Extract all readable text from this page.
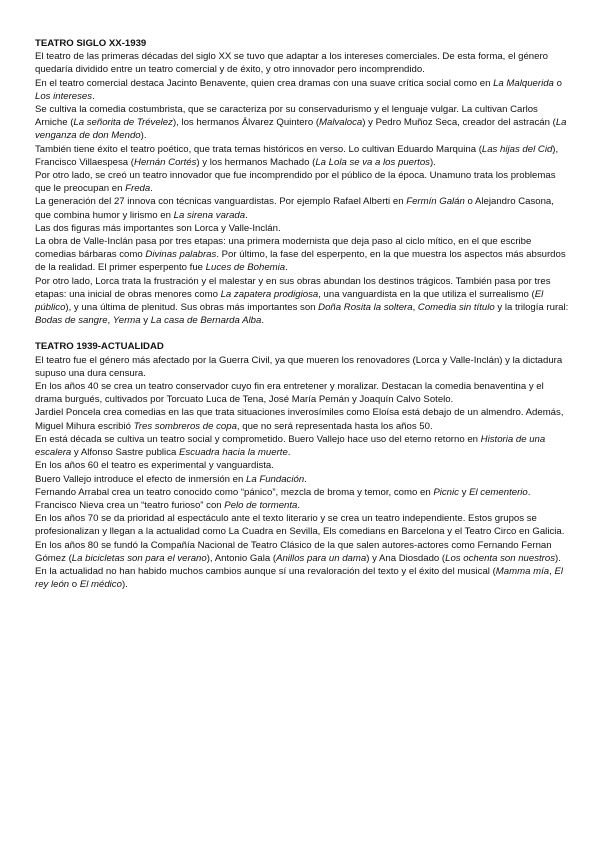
TEATRO SIGLO XX-1939

El teatro de las primeras décadas del siglo XX se tuvo que adaptar a los intereses comerciales. De esta forma, el género quedaría dividido entre un teatro comercial y de éxito, y otro innovador pero incomprendido.

En el teatro comercial destaca Jacinto Benavente, quien crea dramas con una suave crítica social como en La Malquerida o Los intereses.

Se cultiva la comedia costumbrista, que se caracteriza por su conservadurismo y el lenguaje vulgar. La cultivan Carlos Arniche (La señorita de Trévelez), los hermanos Álvarez Quintero (Malvaloca) y Pedro Muñoz Seca, creador del astracán (La venganza de don Mendo).

También tiene éxito el teatro poético, que trata temas históricos en verso. Lo cultivan Eduardo Marquina (Las hijas del Cid), Francisco Villaespesa (Hernán Cortés) y los hermanos Machado (La Lola se va a los puertos).

Por otro lado, se creó un teatro innovador que fue incomprendido por el público de la época. Unamuno trata los problemas que le preocupan en Freda.

La generación del 27 innova con técnicas vanguardistas. Por ejemplo Rafael Alberti en Fermín Galán o Alejandro Casona, que combina humor y lirismo en La sirena varada.

Las dos figuras más importantes son Lorca y Valle-Inclán.

La obra de Valle-Inclán pasa por tres etapas: una primera modernista que deja paso al ciclo mítico, en el que escribe comedias bárbaras como Divinas palabras. Por último, la fase del esperpento, en la que muestra los aspectos más absurdos de la realidad. El primer esperpento fue Luces de Bohemia.

Por otro lado, Lorca trata la frustración y el malestar y en sus obras abundan los destinos trágicos. También pasa por tres etapas: una inicial de obras menores como La zapatera prodigiosa, una vanguardista en la que utiliza el surrealismo (El público), y una última de plenitud. Sus obras más importantes son Doña Rosita la soltera, Comedia sin título y la trilogía rural: Bodas de sangre, Yerma y La casa de Bernarda Alba.

TEATRO 1939-ACTUALIDAD

El teatro fue el género más afectado por la Guerra Civil, ya que mueren los renovadores (Lorca y Valle-Inclán) y la dictadura supuso una dura censura.

En los años 40 se crea un teatro conservador cuyo fin era entretener y moralizar. Destacan la comedia benaventina y el drama burgués, cultivados por Torcuato Luca de Tena, José María Pemán y Joaquín Calvo Sotelo.

Jardiel Poncela crea comedias en las que trata situaciones inverosímiles como Eloísa está debajo de un almendro. Además, Miguel Mihura escribió Tres sombreros de copa, que no será representada hasta los años 50.

En está década se cultiva un teatro social y comprometido. Buero Vallejo hace uso del eterno retorno en Historia de una escalera y Alfonso Sastre publica Escuadra hacia la muerte.

En los años 60 el teatro es experimental y vanguardista.

Buero Vallejo introduce el efecto de inmersión en La Fundación.

Fernando Arrabal crea un teatro conocido como “pánico”, mezcla de broma y temor, como en Picnic y El cementerio.

Francisco Nieva crea un “teatro furioso” con Pelo de tormenta.

En los años 70 se da prioridad al espectáculo ante el texto literario y se crea un teatro independiente. Estos grupos se profesionalizan y llegan a la actualidad como La Cuadra en Sevilla, Els comedians en Barcelona y el Teatro Circo en Galicia.

En los años 80 se fundó la Compañía Nacional de Teatro Clásico de la que salen autores-actores como Fernando Fernan Gómez (La bicicletas son para el verano), Antonio Gala (Anillos para un dama) y Ana Diosdado (Los ochenta son nuestros).

En la actualidad no han habido muchos cambios aunque sí una revaloración del texto y el éxito del musical (Mamma mía, El rey león o El médico).
